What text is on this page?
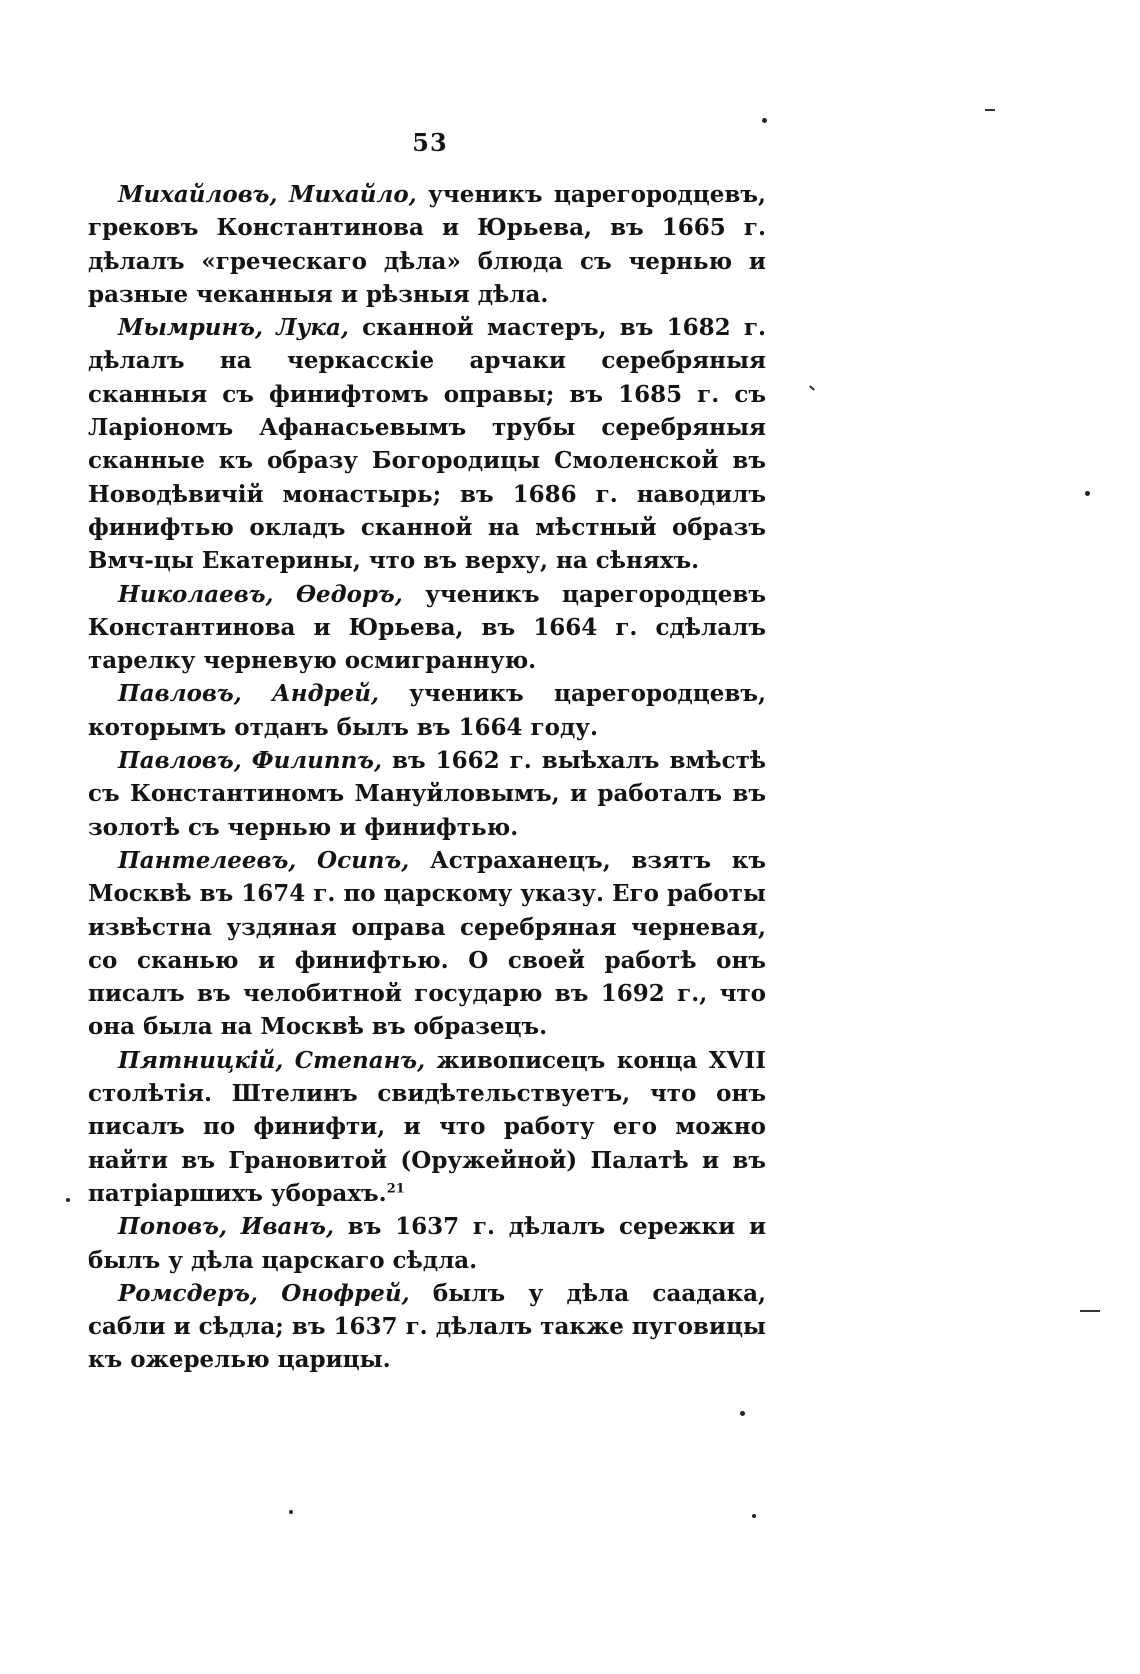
53

Михайловъ, Михайло, ученикъ царегородцевъ, грековъ Константинова и Юрьева, въ 1665 г. дѣлалъ «греческаго дѣла» блюда съ чернью и разные чеканныя и рѣзныя дѣла.

Мымринъ, Лука, сканной мастеръ, въ 1682 г. дѣлалъ на черкасскіе арчаки серебряныя сканныя съ финифтомъ оправы; въ 1685 г. съ Ларіономъ Афанасьевымъ трубы серебряныя сканные къ образу Богородицы Смоленской въ Новодѣвичій монастырь; въ 1686 г. наводилъ финифтью окладъ сканной на мѣстный образъ Вмч-цы Екатерины, что въ верху, на сѣняхъ.

Николаевъ, Ѳедоръ, ученикъ царегородцевъ Константинова и Юрьева, въ 1664 г. сдѣлалъ тарелку черневую осмигранную.

Павловъ, Андрей, ученикъ царегородцевъ, которымъ отданъ былъ въ 1664 году.

Павловъ, Филиппъ, въ 1662 г. выѣхалъ вмѣстѣ съ Константиномъ Мануйловымъ, и работалъ въ золотѣ съ чернью и финифтью.

Пантелеевъ, Осипъ, Астраханецъ, взятъ къ Москвѣ въ 1674 г. по царскому указу. Его работы извѣстна уздяная оправа серебряная черневая, со сканью и финифтью. О своей работѣ онъ писалъ въ челобитной государю въ 1692 г., что она была на Москвѣ въ образецъ.

Пятницкій, Степанъ, живописецъ конца XVII столѣтія. Штелинъ свидѣтельствуетъ, что онъ писалъ по финифти, и что работу его можно найти въ Грановитой (Оружейной) Палатѣ и въ патріаршихъ уборахъ.$^{21}$

Поповъ, Иванъ, въ 1637 г. дѣлалъ сережки и былъ у дѣла царскаго сѣдла.

Ромсдеръ, Онофрей, былъ у дѣла саадака, сабли и сѣдла; въ 1637 г. дѣлалъ также пуговицы къ ожерелью царицы.
